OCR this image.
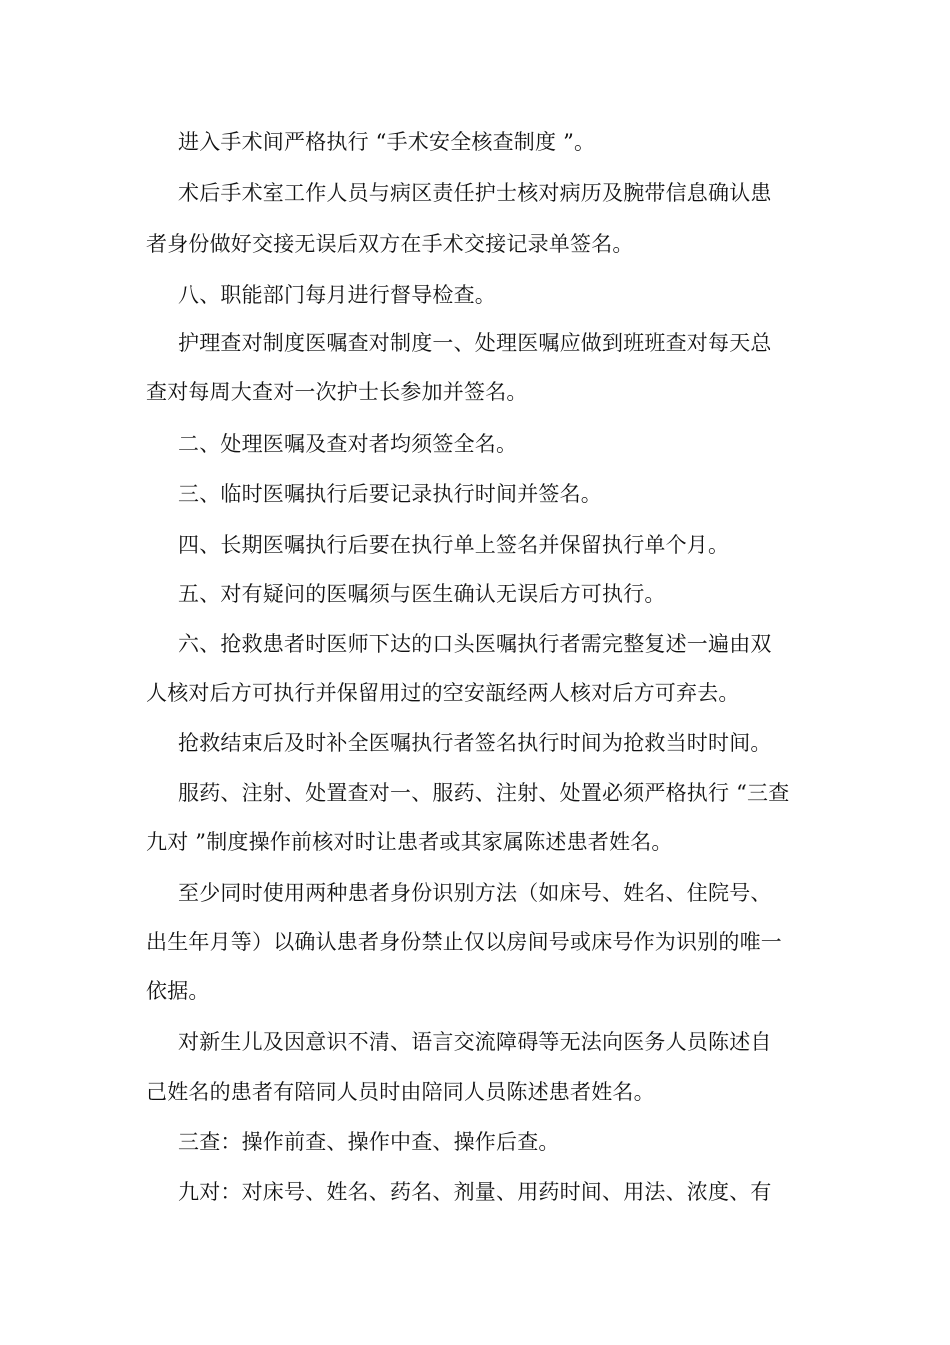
进入手术间严格执行 “手术安全核查制度 ”。
术后手术室工作人员与病区责任护士核对病历及腕带信息确认患
者身份做好交接无误后双方在手术交接记录单签名。
八、职能部门每月进行督导检查。
护理查对制度医嘱查对制度一、处理医嘱应做到班班查对每天总
查对每周大查对一次护士长参加并签名。
二、处理医嘱及查对者均须签全名。
三、临时医嘱执行后要记录执行时间并签名。
四、长期医嘱执行后要在执行单上签名并保留执行单个月。
五、对有疑问的医嘱须与医生确认无误后方可执行。
六、抢救患者时医师下达的口头医嘱执行者需完整复述一遍由双
人核对后方可执行并保留用过的空安瓿经两人核对后方可弃去。
抢救结束后及时补全医嘱执行者签名执行时间为抢救当时时间。
服药、注射、处置查对一、服药、注射、处置必须严格执行 “三查
九对 ”制度操作前核对时让患者或其家属陈述患者姓名。
至少同时使用两种患者身份识别方法（如床号、姓名、住院号、
出生年月等）以确认患者身份禁止仅以房间号或床号作为识别的唯一
依据。
对新生儿及因意识不清、语言交流障碍等无法向医务人员陈述自
己姓名的患者有陪同人员时由陪同人员陈述患者姓名。
三查：操作前查、操作中查、操作后查。
九对：对床号、姓名、药名、剂量、用药时间、用法、浓度、有
